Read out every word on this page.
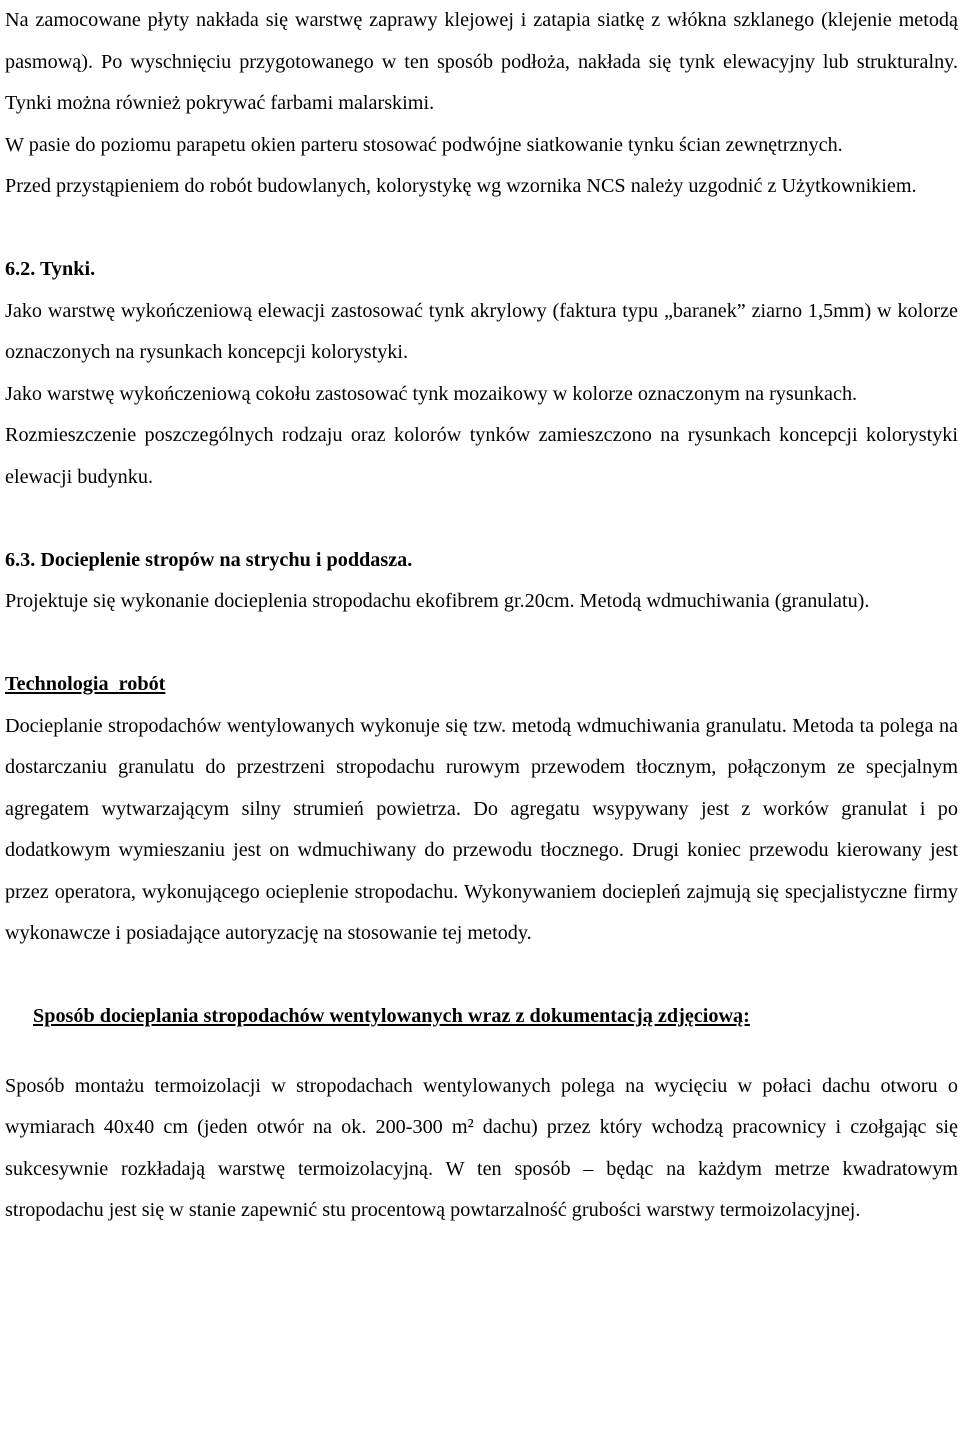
Na zamocowane płyty nakłada się warstwę zaprawy klejowej i zatapia siatkę z włókna szklanego (klejenie metodą pasmową). Po wyschnięciu przygotowanego w ten sposób podłoża, nakłada się tynk elewacyjny lub strukturalny. Tynki można również pokrywać farbami malarskimi.

W pasie do poziomu parapetu okien parteru stosować podwójne siatkowanie tynku ścian zewnętrznych.

Przed przystąpieniem do robót budowlanych, kolorystykę wg wzornika NCS należy uzgodnić z Użytkownikiem.

6.2. Tynki.

Jako warstwę wykończeniową elewacji zastosować tynk akrylowy (faktura typu „baranek” ziarno 1,5mm) w kolorze oznaczonych na rysunkach koncepcji kolorystyki.

Jako warstwę wykończeniową cokołu zastosować tynk mozaikowy w kolorze oznaczonym na rysunkach.

Rozmieszczenie poszczególnych rodzaju oraz kolorów tynków zamieszczono na rysunkach koncepcji kolorystyki elewacji budynku.

6.3. Docieplenie stropów na strychu i poddasza.

Projektuje się wykonanie docieplenia stropodachu ekofibrem gr.20cm. Metodą wdmuchiwania (granulatu).

Technologia  robót

Docieplanie stropodachów wentylowanych wykonuje się tzw. metodą wdmuchiwania granulatu. Metoda ta polega na dostarczaniu granulatu do przestrzeni stropodachu rurowym przewodem tłocznym, połączonym ze specjalnym agregatem wytwarzającym silny strumień powietrza. Do agregatu wsypywany jest z worków granulat i po dodatkowym wymieszaniu jest on wdmuchiwany do przewodu tłocznego. Drugi koniec przewodu kierowany jest przez operatora, wykonującego ocieplenie stropodachu. Wykonywaniem dociepleń zajmują się specjalistyczne firmy wykonawcze i posiadające autoryzację na stosowanie tej metody.

Sposób docieplania stropodachów wentylowanych wraz z dokumentacją zdjęciową:

Sposób montażu termoizolacji w stropodachach wentylowanych polega na wycięciu w połaci dachu otworu o wymiarach 40x40 cm (jeden otwór na ok. 200-300 m² dachu) przez który wchodzą pracownicy i czołgając się sukcesywnie rozkładają warstwę termoizolacyjną. W ten sposób – będąc na każdym metrze kwadratowym stropodachu jest się w stanie zapewnić stu procentową powtarzalność grubości warstwy termoizolacyjnej.
